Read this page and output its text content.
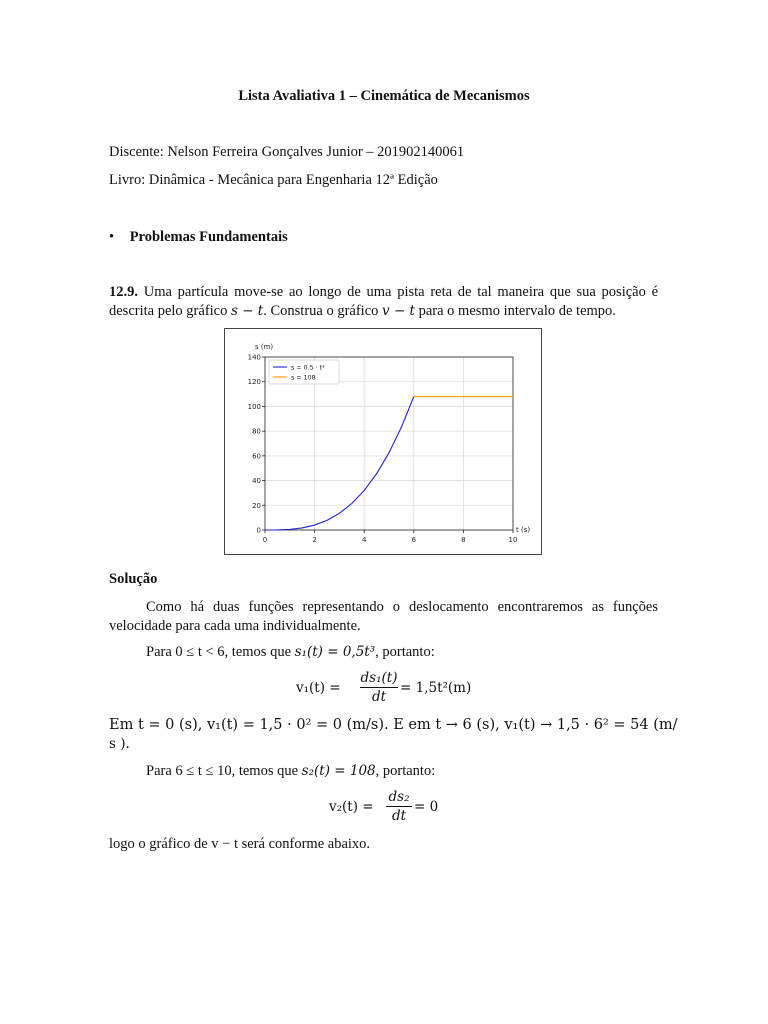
Lista Avaliativa 1 – Cinemática de Mecanismos
Discente: Nelson Ferreira Gonçalves Junior – 201902140061
Livro: Dinâmica - Mecânica para Engenharia 12ª Edição
• Problemas Fundamentais
12.9. Uma partícula move-se ao longo de uma pista reta de tal maneira que sua posição é
descrita pelo gráfico s − t. Construa o gráfico v − t para o mesmo intervalo de tempo.
0	2	4	6	8	10
0
20
40
60
80
100
120
140
s (m)
t (s)
s = 0.5 · t³
s = 108
Solução
Como há duas funções representando o deslocamento encontraremos as funções
velocidade para cada uma individualmente.
Para 0 ≤ t < 6, temos que s₁(t) = 0,5t³, portanto:
v₁(t) =
ds₁(t)
dt
= 1,5t²(m)
Em t = 0 (s), v₁(t) = 1,5 · 0² = 0 (m/s). E em t → 6 (s), v₁(t) → 1,5 · 6² = 54 (m/
s ).
Para 6 ≤ t ≤ 10, temos que s₂(t) = 108, portanto:
v₂(t) =
ds₂
dt
= 0
logo o gráfico de v − t será conforme abaixo.
